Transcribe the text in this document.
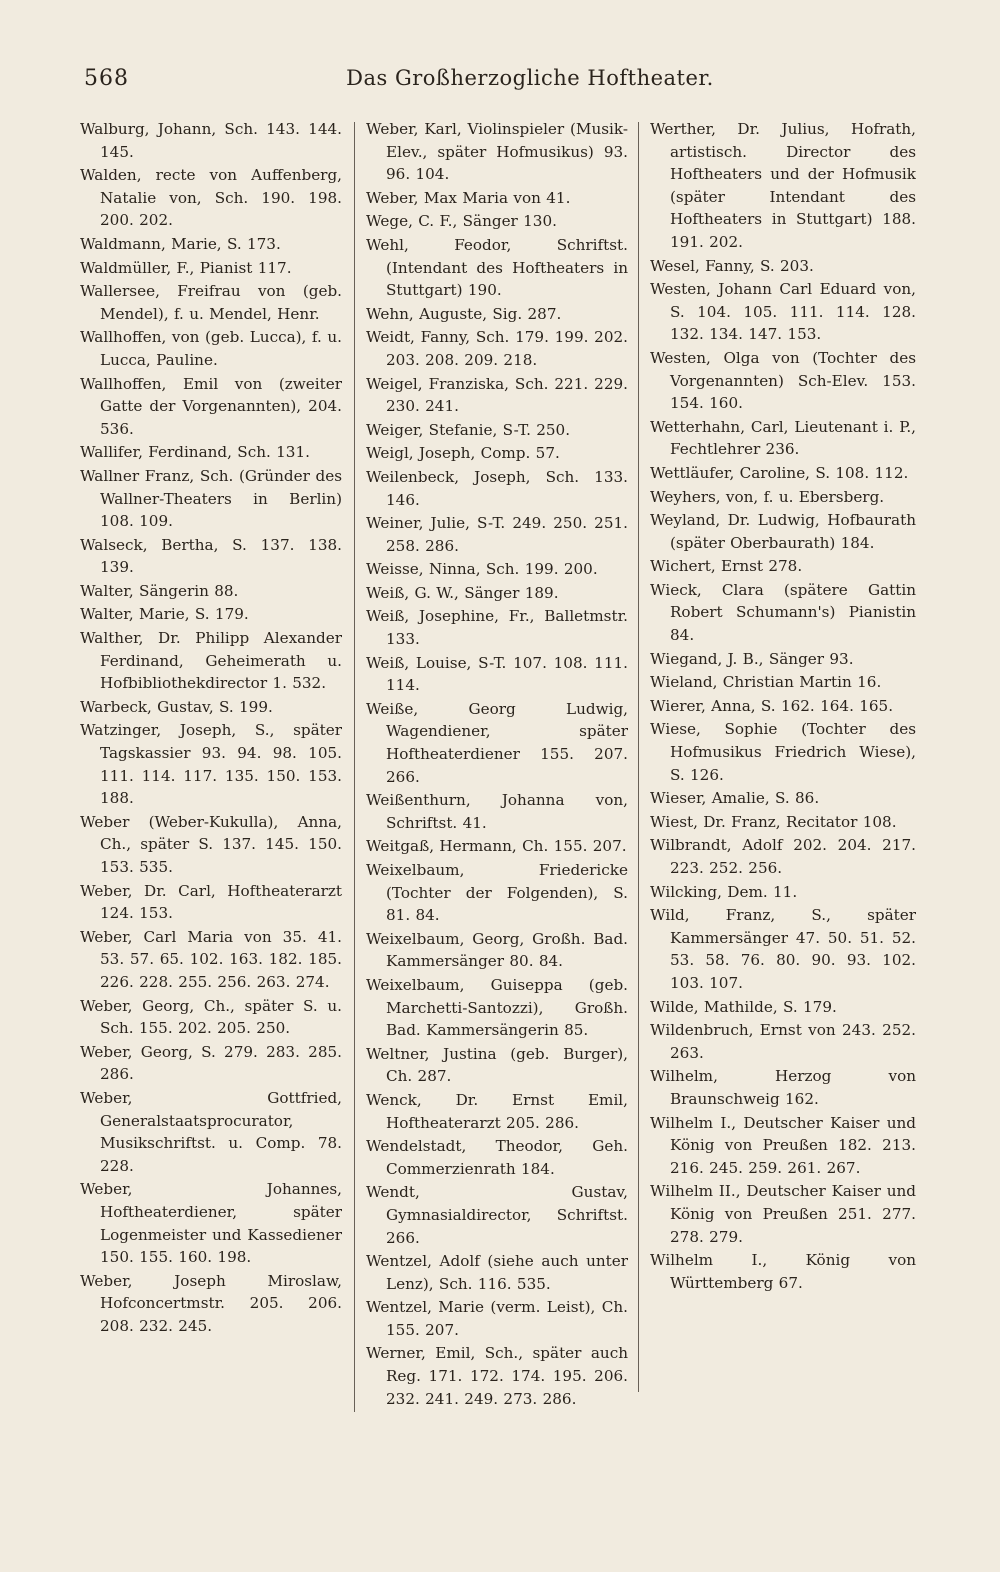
568	Das Großherzogliche Hoftheater.

Walburg, Johann, Sch. 143. 144. 145.

Walden, recte von Auffenberg, Natalie von, Sch. 190. 198. 200. 202.

Waldmann, Marie, S. 173.

Waldmüller, F., Pianist 117.

Wallersee, Freifrau von (geb. Mendel), f. u. Mendel, Henr.

Wallhoffen, von (geb. Lucca), f. u. Lucca, Pauline.

Wallhoffen, Emil von (zweiter Gatte der Vorgenannten), 204. 536.

Wallifer, Ferdinand, Sch. 131.

Wallner Franz, Sch. (Gründer des Wallner-Theaters in Berlin) 108. 109.

Walseck, Bertha, S. 137. 138. 139.

Walter, Sängerin 88.

Walter, Marie, S. 179.

Walther, Dr. Philipp Alexander Ferdinand, Geheimerath u. Hofbibliothekdirector 1. 532.

Warbeck, Gustav, S. 199.

Watzinger, Joseph, S., später Tagskassier 93. 94. 98. 105. 111. 114. 117. 135. 150. 153. 188.

Weber (Weber-Kukulla), Anna, Ch., später S. 137. 145. 150. 153. 535.

Weber, Dr. Carl, Hoftheaterarzt 124. 153.

Weber, Carl Maria von 35. 41. 53. 57. 65. 102. 163. 182. 185. 226. 228. 255. 256. 263. 274.

Weber, Georg, Ch., später S. u. Sch. 155. 202. 205. 250.

Weber, Georg, S. 279. 283. 285. 286.

Weber, Gottfried, Generalstaatsprocurator, Musikschriftst. u. Comp. 78. 228.

Weber, Johannes, Hoftheaterdiener, später Logenmeister und Kassediener 150. 155. 160. 198.

Weber, Joseph Miroslaw, Hofconcertmstr. 205. 206. 208. 232. 245.

Weber, Karl, Violinspieler (Musik-Elev., später Hofmusikus) 93. 96. 104.

Weber, Max Maria von 41.

Wege, C. F., Sänger 130.

Wehl, Feodor, Schriftst. (Intendant des Hoftheaters in Stuttgart) 190.

Wehn, Auguste, Sig. 287.

Weidt, Fanny, Sch. 179. 199. 202. 203. 208. 209. 218.

Weigel, Franziska, Sch. 221. 229. 230. 241.

Weiger, Stefanie, S-T. 250.

Weigl, Joseph, Comp. 57.

Weilenbeck, Joseph, Sch. 133. 146.

Weiner, Julie, S-T. 249. 250. 251. 258. 286.

Weisse, Ninna, Sch. 199. 200.

Weiß, G. W., Sänger 189.

Weiß, Josephine, Fr., Balletmstr. 133.

Weiß, Louise, S-T. 107. 108. 111. 114.

Weiße, Georg Ludwig, Wagendiener, später Hoftheaterdiener 155. 207. 266.

Weißenthurn, Johanna von, Schriftst. 41.

Weitgaß, Hermann, Ch. 155. 207.

Weixelbaum, Friedericke (Tochter der Folgenden), S. 81. 84.

Weixelbaum, Georg, Großh. Bad. Kammersänger 80. 84.

Weixelbaum, Guiseppa (geb. Marchetti-Santozzi), Großh. Bad. Kammersängerin 85.

Weltner, Justina (geb. Burger), Ch. 287.

Wenck, Dr. Ernst Emil, Hoftheaterarzt 205. 286.

Wendelstadt, Theodor, Geh. Commerzienrath 184.

Wendt, Gustav, Gymnasialdirector, Schriftst. 266.

Wentzel, Adolf (siehe auch unter Lenz), Sch. 116. 535.

Wentzel, Marie (verm. Leist), Ch. 155. 207.

Werner, Emil, Sch., später auch Reg. 171. 172. 174. 195. 206. 232. 241. 249. 273. 286.

Werther, Dr. Julius, Hofrath, artistisch. Director des Hoftheaters und der Hofmusik (später Intendant des Hoftheaters in Stuttgart) 188. 191. 202.

Wesel, Fanny, S. 203.

Westen, Johann Carl Eduard von, S. 104. 105. 111. 114. 128. 132. 134. 147. 153.

Westen, Olga von (Tochter des Vorgenannten) Sch-Elev. 153. 154. 160.

Wetterhahn, Carl, Lieutenant i. P., Fechtlehrer 236.

Wettläufer, Caroline, S. 108. 112.

Weyhers, von, f. u. Ebersberg.

Weyland, Dr. Ludwig, Hofbaurath (später Oberbaurath) 184.

Wichert, Ernst 278.

Wieck, Clara (spätere Gattin Robert Schumann's) Pianistin 84.

Wiegand, J. B., Sänger 93.

Wieland, Christian Martin 16.

Wierer, Anna, S. 162. 164. 165.

Wiese, Sophie (Tochter des Hofmusikus Friedrich Wiese), S. 126.

Wieser, Amalie, S. 86.

Wiest, Dr. Franz, Recitator 108.

Wilbrandt, Adolf 202. 204. 217. 223. 252. 256.

Wilcking, Dem. 11.

Wild, Franz, S., später Kammersänger 47. 50. 51. 52. 53. 58. 76. 80. 90. 93. 102. 103. 107.

Wilde, Mathilde, S. 179.

Wildenbruch, Ernst von 243. 252. 263.

Wilhelm, Herzog von Braunschweig 162.

Wilhelm I., Deutscher Kaiser und König von Preußen 182. 213. 216. 245. 259. 261. 267.

Wilhelm II., Deutscher Kaiser und König von Preußen 251. 277. 278. 279.

Wilhelm I., König von Württemberg 67.
